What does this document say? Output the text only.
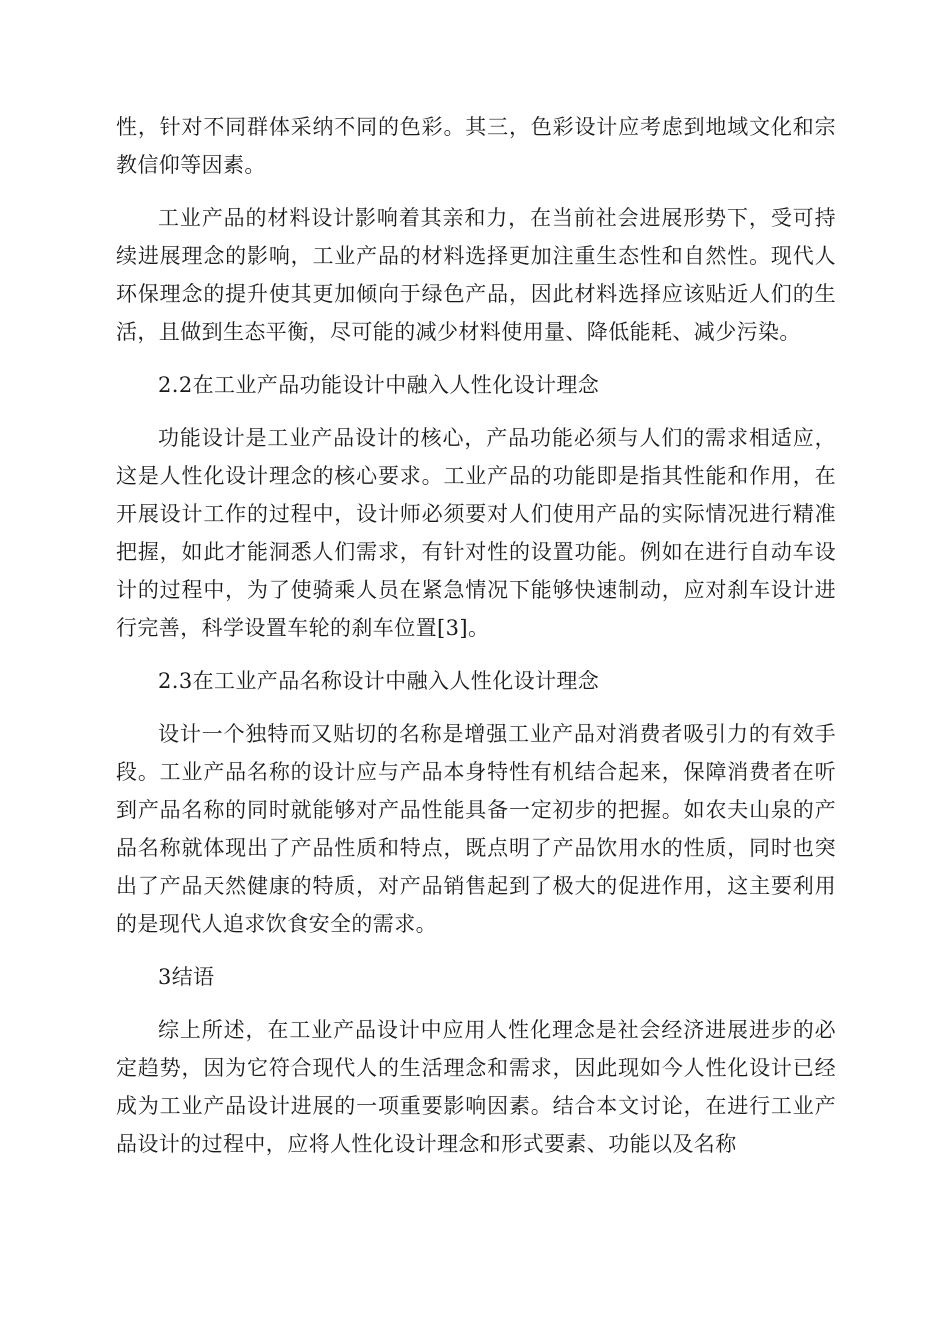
性，针对不同群体采纳不同的色彩。其三，色彩设计应考虑到地域文化和宗教信仰等因素。

工业产品的材料设计影响着其亲和力，在当前社会进展形势下，受可持续进展理念的影响，工业产品的材料选择更加注重生态性和自然性。现代人环保理念的提升使其更加倾向于绿色产品，因此材料选择应该贴近人们的生活，且做到生态平衡，尽可能的减少材料使用量、降低能耗、减少污染。

2.2在工业产品功能设计中融入人性化设计理念

功能设计是工业产品设计的核心，产品功能必须与人们的需求相适应，这是人性化设计理念的核心要求。工业产品的功能即是指其性能和作用，在开展设计工作的过程中，设计师必须要对人们使用产品的实际情况进行精准把握，如此才能洞悉人们需求，有针对性的设置功能。例如在进行自动车设计的过程中，为了使骑乘人员在紧急情况下能够快速制动，应对刹车设计进行完善，科学设置车轮的刹车位置[3]。

2.3在工业产品名称设计中融入人性化设计理念

设计一个独特而又贴切的名称是增强工业产品对消费者吸引力的有效手段。工业产品名称的设计应与产品本身特性有机结合起来，保障消费者在听到产品名称的同时就能够对产品性能具备一定初步的把握。如农夫山泉的产品名称就体现出了产品性质和特点，既点明了产品饮用水的性质，同时也突出了产品天然健康的特质，对产品销售起到了极大的促进作用，这主要利用的是现代人追求饮食安全的需求。

3结语

综上所述，在工业产品设计中应用人性化理念是社会经济进展进步的必定趋势，因为它符合现代人的生活理念和需求，因此现如今人性化设计已经成为工业产品设计进展的一项重要影响因素。结合本文讨论，在进行工业产品设计的过程中，应将人性化设计理念和形式要素、功能以及名称
